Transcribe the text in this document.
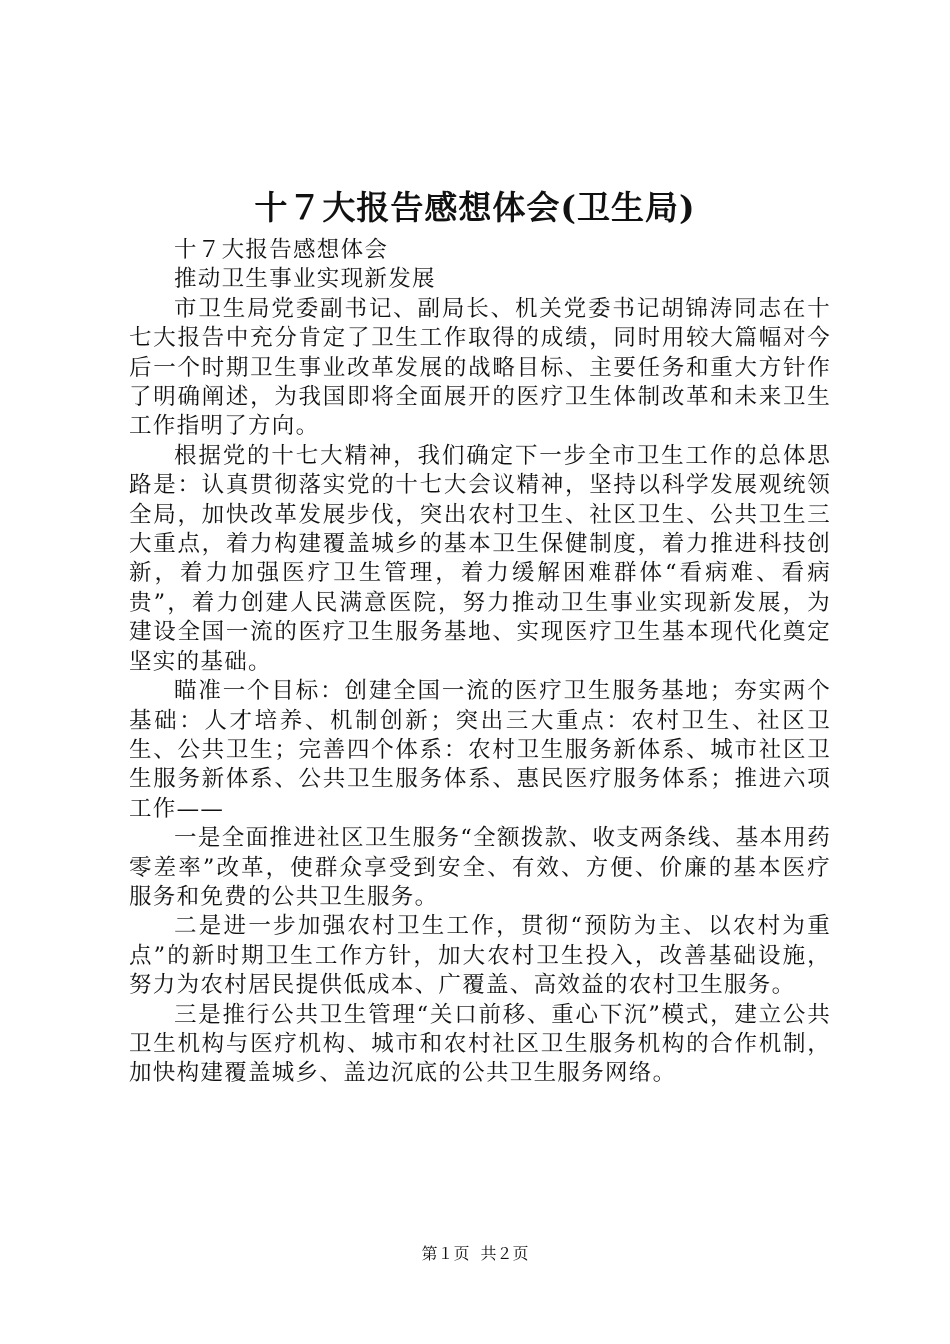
十７大报告感想体会(卫生局)

十７大报告感想体会

推动卫生事业实现新发展

市卫生局党委副书记、副局长、机关党委书记胡锦涛同志在十七大报告中充分肯定了卫生工作取得的成绩，同时用较大篇幅对今后一个时期卫生事业改革发展的战略目标、主要任务和重大方针作了明确阐述，为我国即将全面展开的医疗卫生体制改革和未来卫生工作指明了方向。

根据党的十七大精神，我们确定下一步全市卫生工作的总体思路是：认真贯彻落实党的十七大会议精神，坚持以科学发展观统领全局，加快改革发展步伐，突出农村卫生、社区卫生、公共卫生三大重点，着力构建覆盖城乡的基本卫生保健制度，着力推进科技创新，着力加强医疗卫生管理，着力缓解困难群体“看病难、看病贵”，着力创建人民满意医院，努力推动卫生事业实现新发展，为建设全国一流的医疗卫生服务基地、实现医疗卫生基本现代化奠定坚实的基础。

瞄准一个目标：创建全国一流的医疗卫生服务基地；夯实两个基础：人才培养、机制创新；突出三大重点：农村卫生、社区卫生、公共卫生；完善四个体系：农村卫生服务新体系、城市社区卫生服务新体系、公共卫生服务体系、惠民医疗服务体系；推进六项工作——

一是全面推进社区卫生服务“全额拨款、收支两条线、基本用药零差率”改革，使群众享受到安全、有效、方便、价廉的基本医疗服务和免费的公共卫生服务。

二是进一步加强农村卫生工作，贯彻“预防为主、以农村为重点”的新时期卫生工作方针，加大农村卫生投入，改善基础设施，努力为农村居民提供低成本、广覆盖、高效益的农村卫生服务。

三是推行公共卫生管理“关口前移、重心下沉”模式，建立公共卫生机构与医疗机构、城市和农村社区卫生服务机构的合作机制，加快构建覆盖城乡、盖边沉底的公共卫生服务网络。

第１页 共２页
